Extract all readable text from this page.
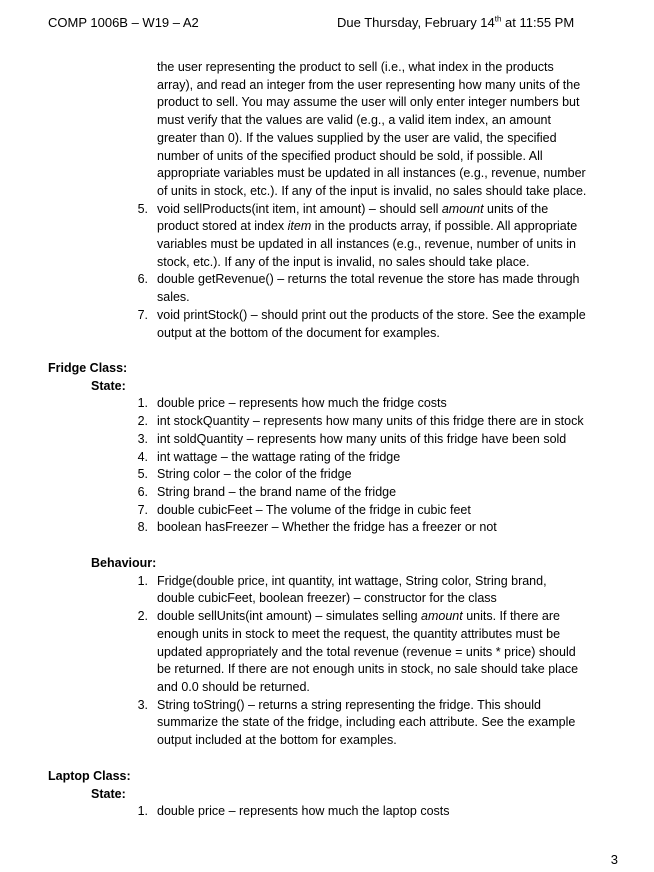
COMP 1006B – W19 – A2	Due Thursday, February 14th at 11:55 PM
the user representing the product to sell (i.e., what index in the products
array), and read an integer from the user representing how many units of the
product to sell. You may assume the user will only enter integer numbers but
must verify that the values are valid (e.g., a valid item index, an amount
greater than 0). If the values supplied by the user are valid, the specified
number of units of the specified product should be sold, if possible. All
appropriate variables must be updated in all instances (e.g., revenue, number
of units in stock, etc.). If any of the input is invalid, no sales should take place.
5. void sellProducts(int item, int amount) – should sell amount units of the
product stored at index item in the products array, if possible. All appropriate
variables must be updated in all instances (e.g., revenue, number of units in
stock, etc.). If any of the input is invalid, no sales should take place.
6. double getRevenue() – returns the total revenue the store has made through
sales.
7. void printStock() – should print out the products of the store. See the example
output at the bottom of the document for examples.
Fridge Class:
State:
1. double price – represents how much the fridge costs
2. int stockQuantity – represents how many units of this fridge there are in stock
3. int soldQuantity – represents how many units of this fridge have been sold
4. int wattage – the wattage rating of the fridge
5. String color – the color of the fridge
6. String brand – the brand name of the fridge
7. double cubicFeet – The volume of the fridge in cubic feet
8. boolean hasFreezer – Whether the fridge has a freezer or not
Behaviour:
1. Fridge(double price, int quantity, int wattage, String color, String brand,
double cubicFeet, boolean freezer) – constructor for the class
2. double sellUnits(int amount) – simulates selling amount units. If there are
enough units in stock to meet the request, the quantity attributes must be
updated appropriately and the total revenue (revenue = units * price) should
be returned. If there are not enough units in stock, no sale should take place
and 0.0 should be returned.
3. String toString() – returns a string representing the fridge. This should
summarize the state of the fridge, including each attribute. See the example
output included at the bottom for examples.
Laptop Class:
State:
1. double price – represents how much the laptop costs
3
